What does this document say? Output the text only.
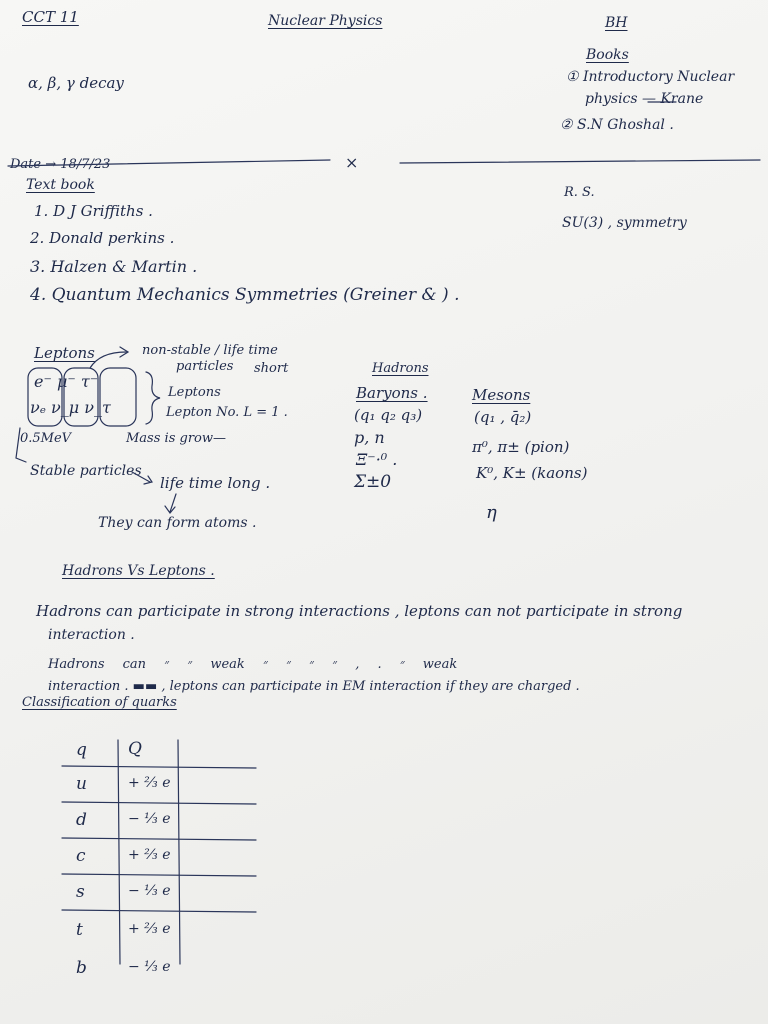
CCT 11	Nuclear Physics	BH
α, β, γ decay
Books
① Introductory Nuclear
physics — Krane
② S.N Ghoshal .
Date → 18/7/23	×
Text book
1. D J Griffiths .
2. Donald perkins .
3. Halzen & Martin .
4. Quantum Mechanics Symmetries (Greiner & ) .
R. S.
SU(3) , symmetry
Leptons	non-stable / life time
particles short
e⁻ μ⁻ τ⁻
νₑ ν_μ ν_τ
Leptons
Lepton No. L = 1 .
0.5MeV	Mass is grow—
Stable particles
life time long .
They can form atoms .
Hadrons
Baryons .
(q₁ q₂ q₃)
p, n
Ξ⁻·⁰ .
Σ±0
Mesons
(q₁ , q̄₂)
π⁰, π± (pion)
K⁰, K± (kaons)
η
Hadrons Vs Leptons .
Hadrons can participate in strong interactions , leptons can not participate in strong
interaction .
Hadrons can ״ ״ weak ״ . , ״ ״ ״ ״ weak
interaction . ▬▬ , leptons can participate in EM interaction if they are charged .
Classification of quarks
q Q
u	+ ⅔ e
d	− ⅓ e
c	+ ⅔ e
s	− ⅓ e
t	+ ⅔ e
b	− ⅓ e
